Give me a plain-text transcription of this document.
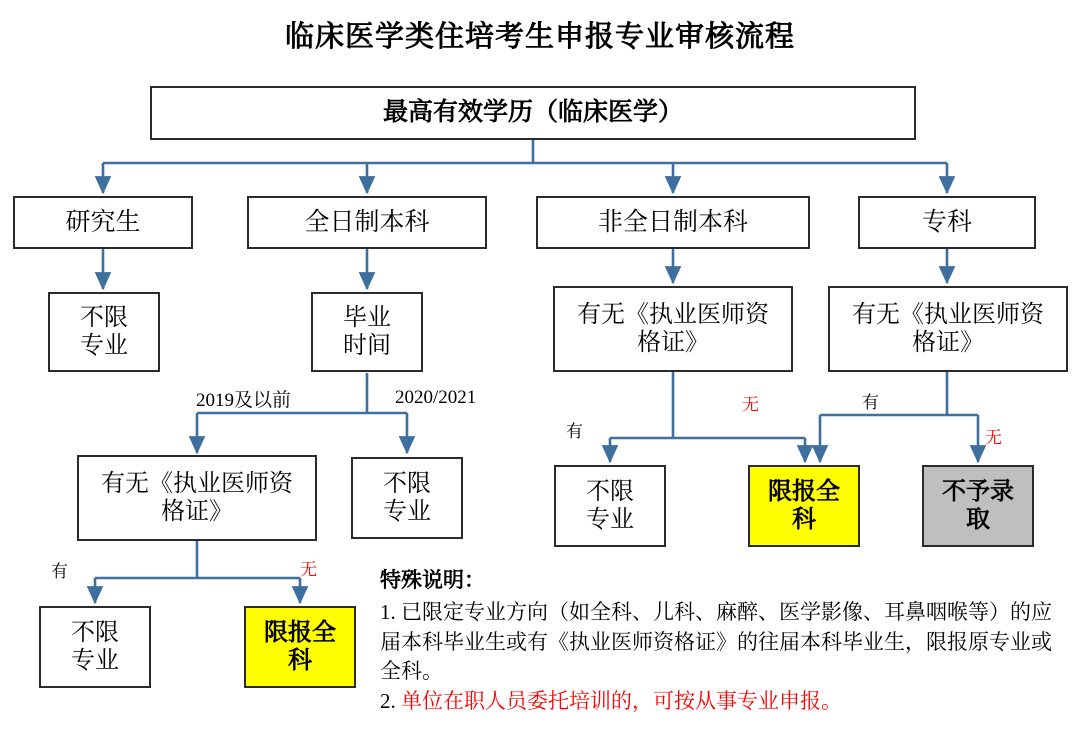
临床医学类住培考生申报专业审核流程
最高有效学历（临床医学）
研究生	全日制本科	非全日制本科	专科
不限专业
毕业时间
有无《执业医师资格证》
有无《执业医师资格证》
有无《执业医师资格证》
不限专业
不限专业
限报全科
不予录取
不限专业
限报全科
2019及以前	2020/2021
有	无
有
无	有
无
特殊说明：
1. 已限定专业方向（如全科、儿科、麻醉、医学影像、耳鼻咽喉等）的应届本科毕业生或有《执业医师资格证》的往届本科毕业生，限报原专业或全科。
2. 单位在职人员委托培训的，可按从事专业申报。
